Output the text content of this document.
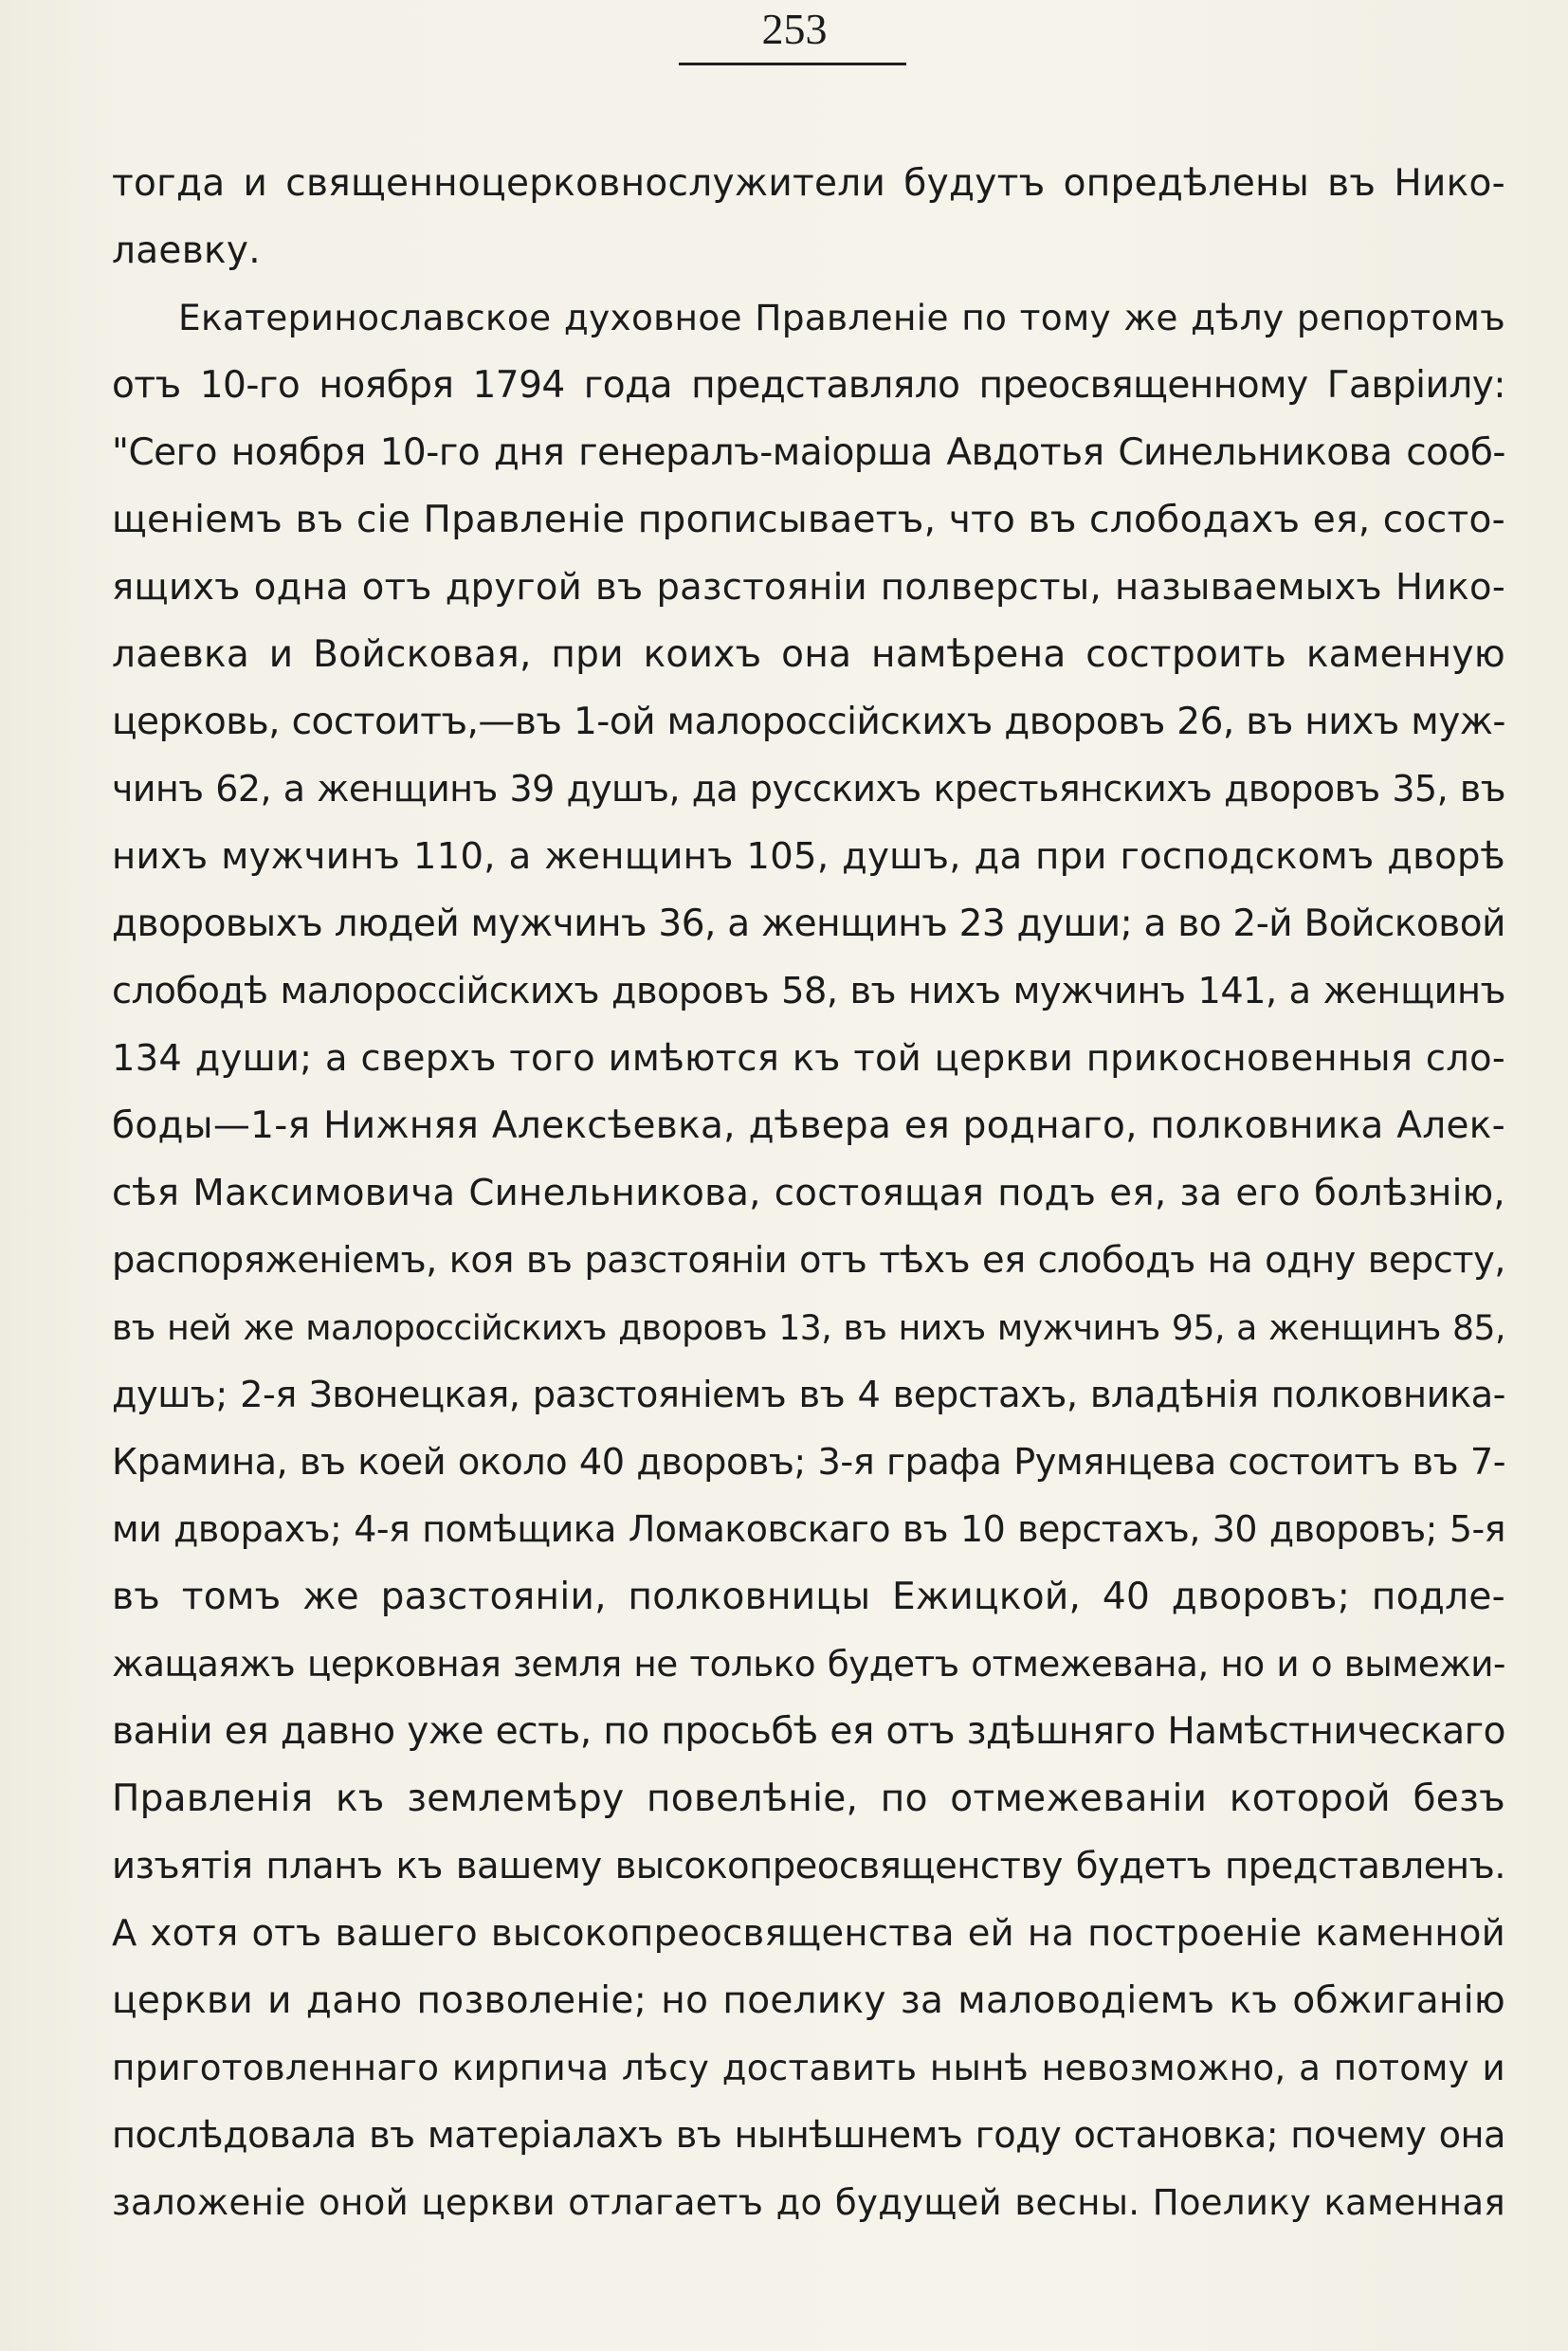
253
тогда и священноцерковнослужители будутъ опредѣлены въ Нико-
лаевку.
Екатеринославское духовное Правленіе по тому же дѣлу репортомъ
отъ 10-го ноября 1794 года представляло преосвященному Гавріилу:
"Сего ноября 10-го дня генералъ-маіорша Авдотья Синельникова сооб-
щеніемъ въ сіе Правленіе прописываетъ, что въ слободахъ ея, состо-
ящихъ одна отъ другой въ разстояніи полверсты, называемыхъ Нико-
лаевка и Войсковая, при коихъ она намѣрена состроить каменную
церковь, состоитъ,—въ 1-ой малороссійскихъ дворовъ 26, въ нихъ муж-
чинъ 62, а женщинъ 39 душъ, да русскихъ крестьянскихъ дворовъ 35, въ
нихъ мужчинъ 110, а женщинъ 105, душъ, да при господскомъ дворѣ
дворовыхъ людей мужчинъ 36, а женщинъ 23 души; а во 2-й Войсковой
слободѣ малороссійскихъ дворовъ 58, въ нихъ мужчинъ 141, а женщинъ
134 души; а сверхъ того имѣются къ той церкви прикосновенныя сло-
боды—1-я Нижняя Алексѣевка, дѣвера ея роднаго, полковника Алек-
сѣя Максимовича Синельникова, состоящая подъ ея, за его болѣзнію,
распоряженіемъ, коя въ разстояніи отъ тѣхъ ея слободъ на одну версту,
въ ней же малороссійскихъ дворовъ 13, въ нихъ мужчинъ 95, а женщинъ 85,
душъ; 2-я Звонецкая, разстояніемъ въ 4 верстахъ, владѣнія полковника-
Крамина, въ коей около 40 дворовъ; 3-я графа Румянцева состоитъ въ 7-
ми дворахъ; 4-я помѣщика Ломаковскаго въ 10 верстахъ, 30 дворовъ; 5-я
въ томъ же разстояніи, полковницы Ежицкой, 40 дворовъ; подле-
жащаяжъ церковная земля не только будетъ отмежевана, но и о вымежи-
ваніи ея давно уже есть, по просьбѣ ея отъ здѣшняго Намѣстническаго
Правленія къ землемѣру повелѣніе, по отмежеваніи которой безъ
изъятія планъ къ вашему высокопреосвященству будетъ представленъ.
А хотя отъ вашего высокопреосвященства ей на построеніе каменной
церкви и дано позволеніе; но поелику за маловодіемъ къ обжиганію
приготовленнаго кирпича лѣсу доставить нынѣ невозможно, а потому и
послѣдовала въ матеріалахъ въ нынѣшнемъ году остановка; почему она
заложеніе оной церкви отлагаетъ до будущей весны. Поелику каменная
